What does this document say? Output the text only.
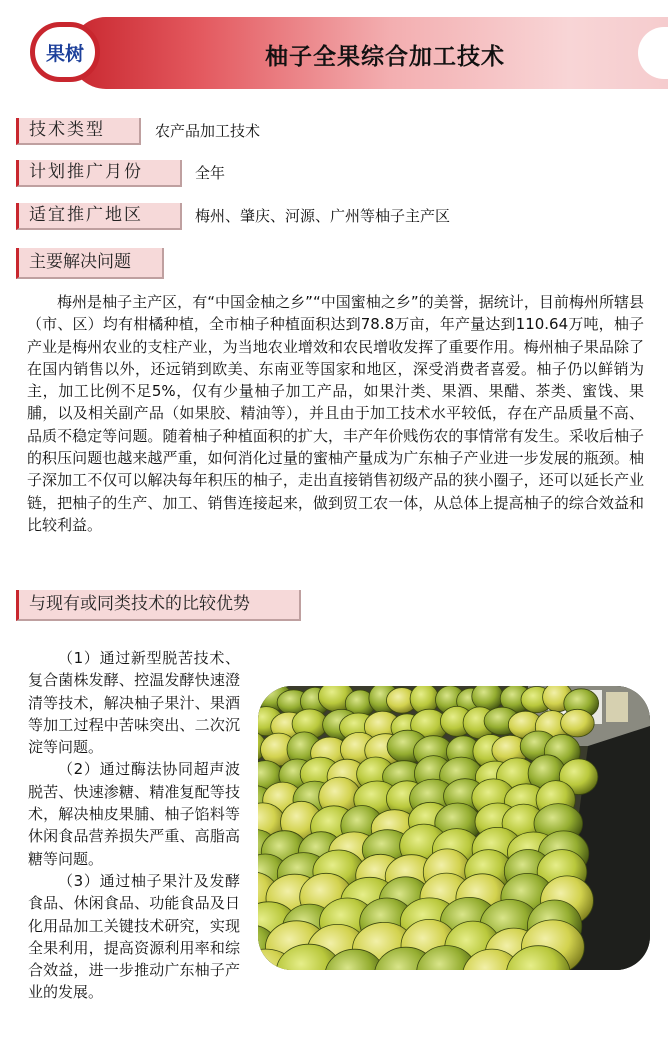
果树	柚子全果综合加工技术
技术类型	农产品加工技术
计划推广月份	全年
适宜推广地区	梅州、肇庆、河源、广州等柚子主产区
主要解决问题

梅州是柚子主产区，有“中国金柚之乡”“中国蜜柚之乡”的美誉，据统计，目前梅州所辖县（市、区）均有柑橘种植，全市柚子种植面积达到78.8万亩，年产量达到110.64万吨，柚子产业是梅州农业的支柱产业，为当地农业增效和农民增收发挥了重要作用。梅州柚子果品除了在国内销售以外，还远销到欧美、东南亚等国家和地区，深受消费者喜爱。柚子仍以鲜销为主，加工比例不足5%，仅有少量柚子加工产品，如果汁类、果酒、果醋、茶类、蜜饯、果脯，以及相关副产品（如果胶、精油等），并且由于加工技术水平较低，存在产品质量不高、品质不稳定等问题。随着柚子种植面积的扩大，丰产年价贱伤农的事情常有发生。采收后柚子的积压问题也越来越严重，如何消化过量的蜜柚产量成为广东柚子产业进一步发展的瓶颈。柚子深加工不仅可以解决每年积压的柚子，走出直接销售初级产品的狭小圈子，还可以延长产业链，把柚子的生产、加工、销售连接起来，做到贸工农一体，从总体上提高柚子的综合效益和比较利益。

与现有或同类技术的比较优势

（1）通过新型脱苦技术、复合菌株发酵、控温发酵快速澄清等技术，解决柚子果汁、果酒等加工过程中苦味突出、二次沉淀等问题。

（2）通过酶法协同超声波脱苦、快速渗糖、精准复配等技术，解决柚皮果脯、柚子馅料等休闲食品营养损失严重、高脂高糖等问题。

（3）通过柚子果汁及发酵食品、休闲食品、功能食品及日化用品加工关键技术研究，实现全果利用，提高资源利用率和综合效益，进一步推动广东柚子产业的发展。
